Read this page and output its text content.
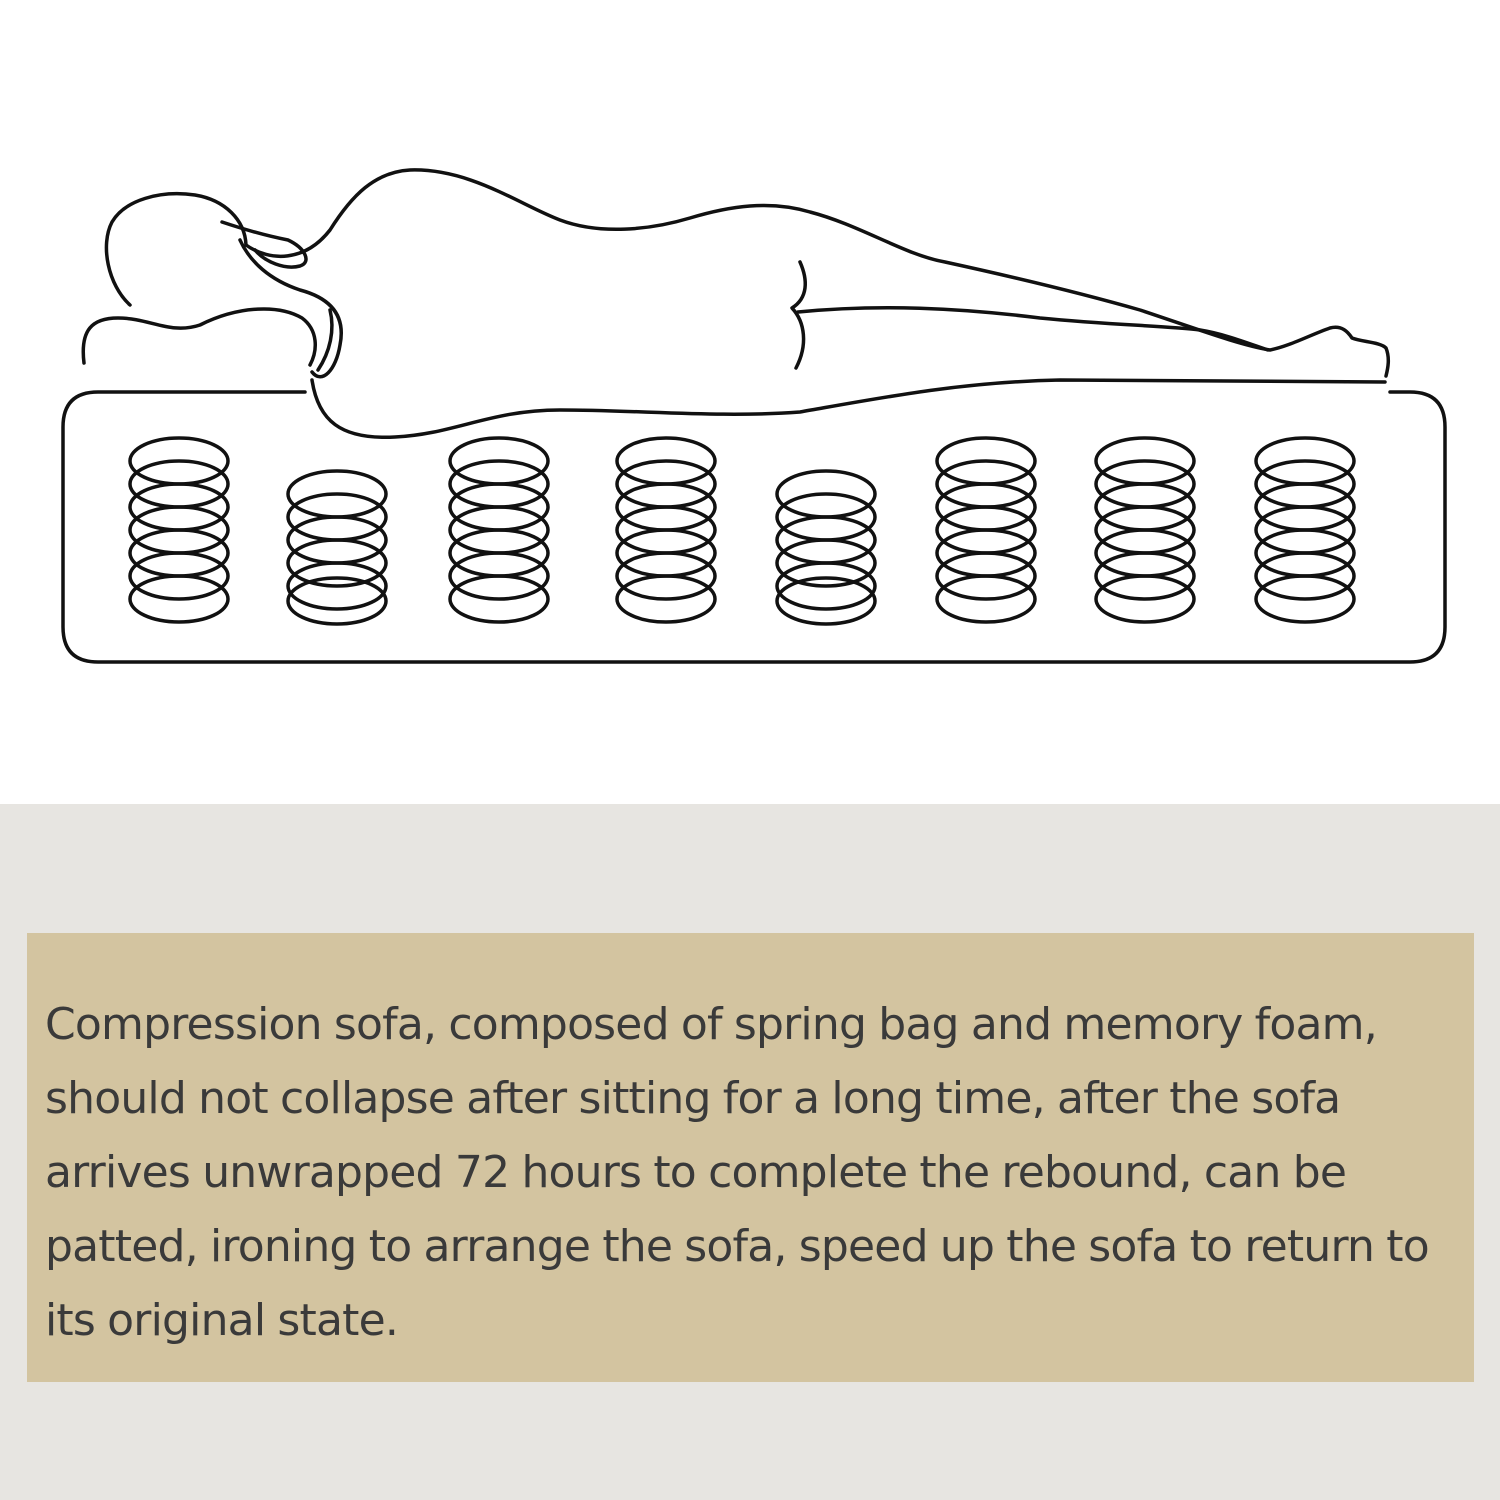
Compression sofa, composed of spring bag and memory foam, should not collapse after sitting for a long time, after the sofa arrives unwrapped 72 hours to complete the rebound, can be patted, ironing to arrange the sofa, speed up the sofa to return to its original state.
